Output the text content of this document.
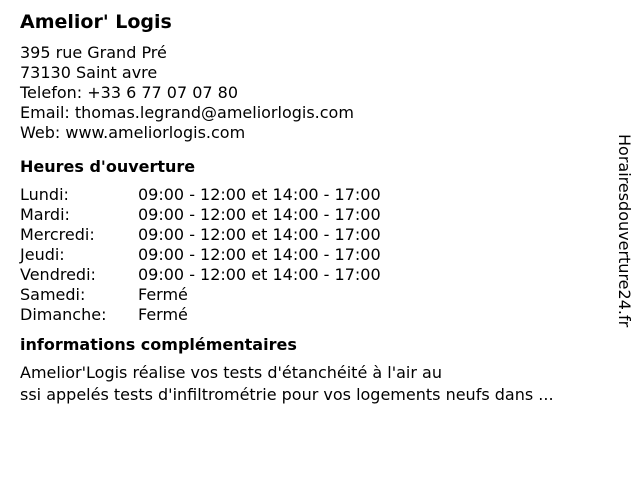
Amelior' Logis
395 rue Grand Pré
73130 Saint avre
Telefon: +33 6 77 07 07 80
Email: thomas.legrand@ameliorlogis.com
Web: www.ameliorlogis.com
Heures d'ouverture
Lundi:	09:00 - 12:00 et 14:00 - 17:00
Mardi:	09:00 - 12:00 et 14:00 - 17:00
Mercredi:	09:00 - 12:00 et 14:00 - 17:00
Jeudi:	09:00 - 12:00 et 14:00 - 17:00
Vendredi:	09:00 - 12:00 et 14:00 - 17:00
Samedi:	Fermé
Dimanche:	Fermé
informations complémentaires
Amelior'Logis réalise vos tests d'étanchéité à l'air au
ssi appelés tests d'infiltrométrie pour vos logements neufs dans ...
Horairesdouverture24.fr
